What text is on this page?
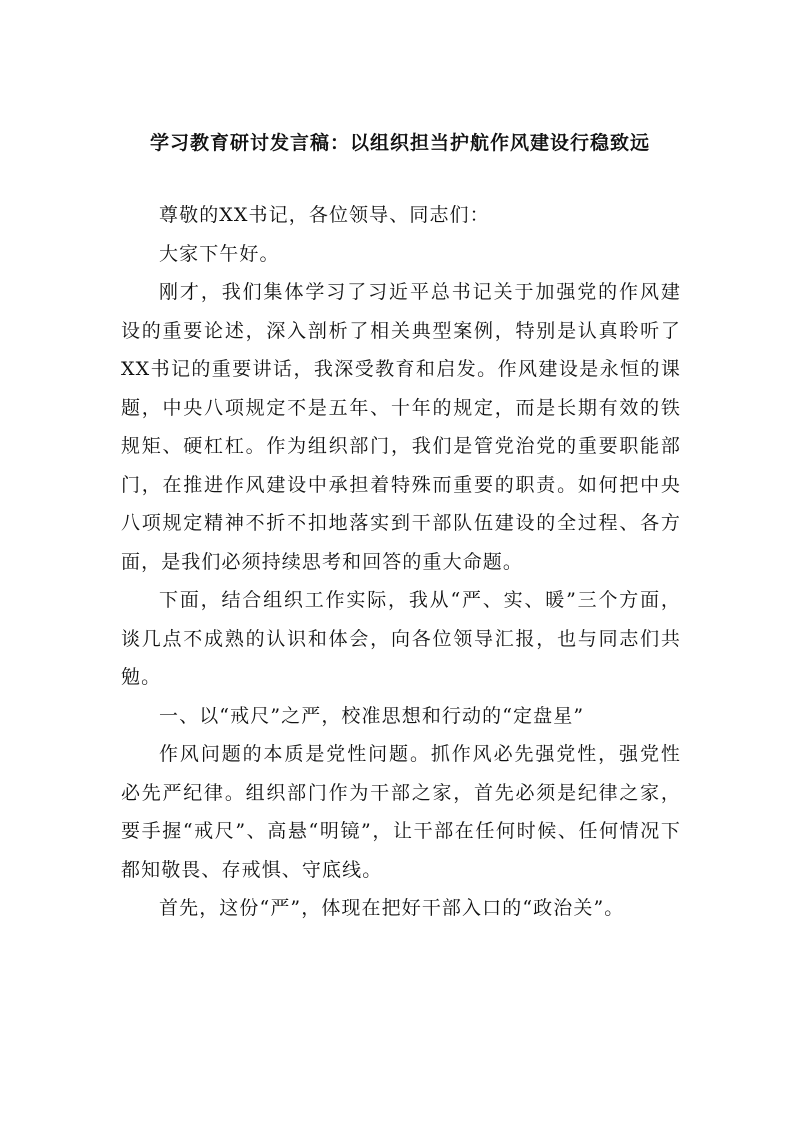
学习教育研讨发言稿：以组织担当护航作风建设行稳致远

尊敬的XX书记，各位领导、同志们：

大家下午好。

刚才，我们集体学习了习近平总书记关于加强党的作风建设的重要论述，深入剖析了相关典型案例，特别是认真聆听了XX书记的重要讲话，我深受教育和启发。作风建设是永恒的课题，中央八项规定不是五年、十年的规定，而是长期有效的铁规矩、硬杠杠。作为组织部门，我们是管党治党的重要职能部门，在推进作风建设中承担着特殊而重要的职责。如何把中央八项规定精神不折不扣地落实到干部队伍建设的全过程、各方面，是我们必须持续思考和回答的重大命题。

下面，结合组织工作实际，我从“严、实、暖”三个方面，谈几点不成熟的认识和体会，向各位领导汇报，也与同志们共勉。

一、以“戒尺”之严，校准思想和行动的“定盘星”

作风问题的本质是党性问题。抓作风必先强党性，强党性必先严纪律。组织部门作为干部之家，首先必须是纪律之家，要手握“戒尺”、高悬“明镜”，让干部在任何时候、任何情况下都知敬畏、存戒惧、守底线。

首先，这份“严”，体现在把好干部入口的“政治关”。
